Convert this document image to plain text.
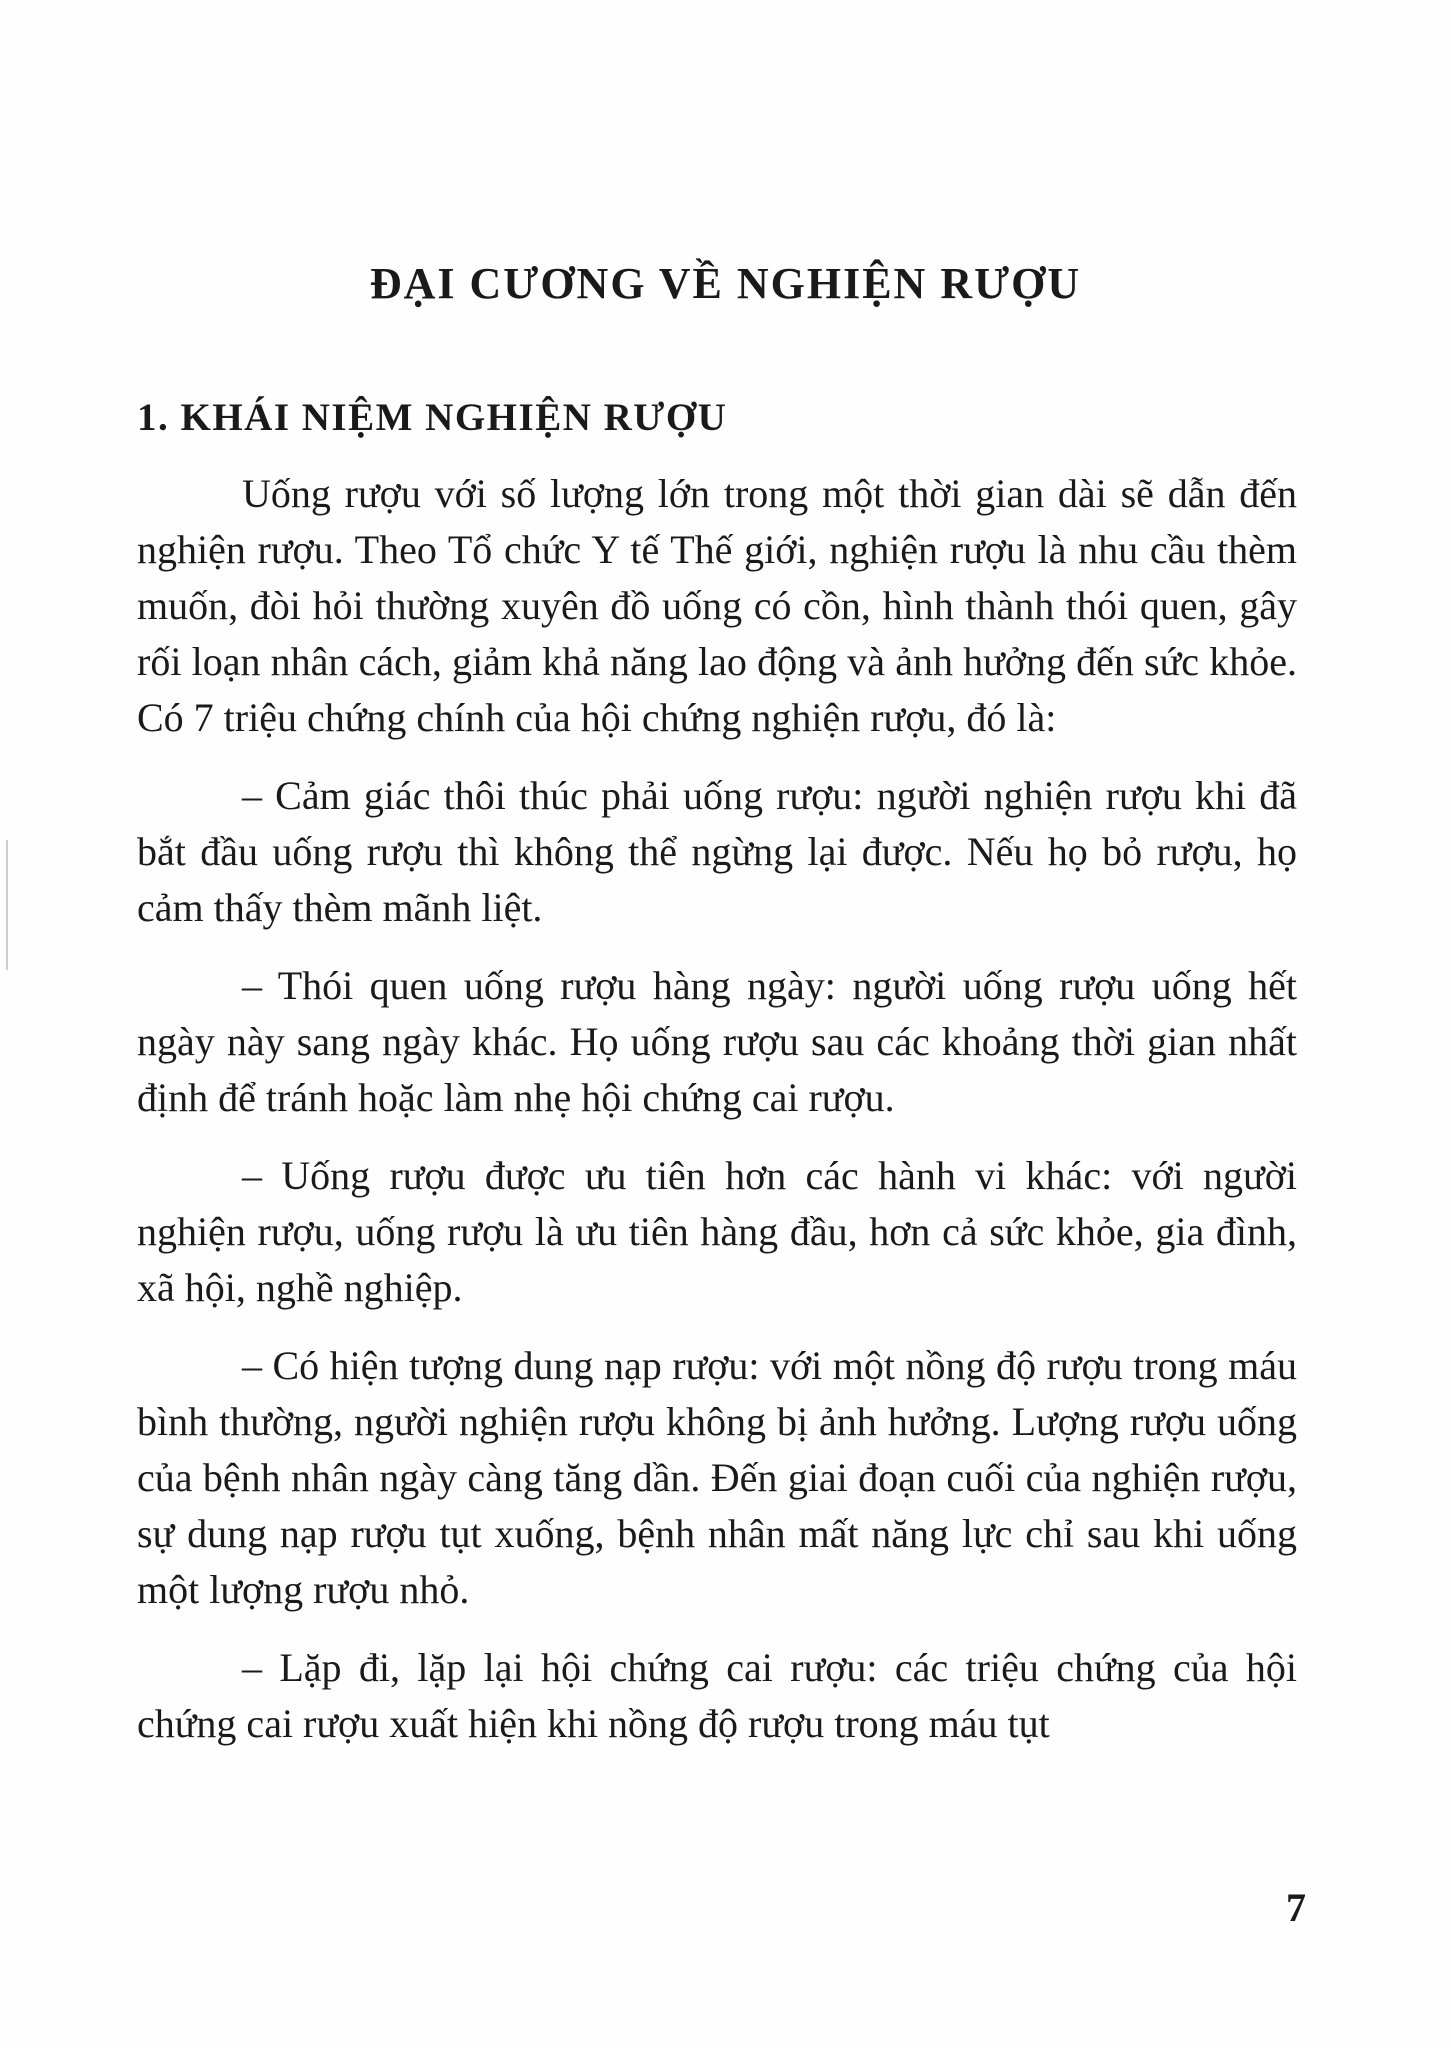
ĐẠI CƯƠNG VỀ NGHIỆN RƯỢU
1. KHÁI NIỆM NGHIỆN RƯỢU

Uống rượu với số lượng lớn trong một thời gian dài sẽ dẫn đến nghiện rượu. Theo Tổ chức Y tế Thế giới, nghiện rượu là nhu cầu thèm muốn, đòi hỏi thường xuyên đồ uống có cồn, hình thành thói quen, gây rối loạn nhân cách, giảm khả năng lao động và ảnh hưởng đến sức khỏe. Có 7 triệu chứng chính của hội chứng nghiện rượu, đó là:

– Cảm giác thôi thúc phải uống rượu: người nghiện rượu khi đã bắt đầu uống rượu thì không thể ngừng lại được. Nếu họ bỏ rượu, họ cảm thấy thèm mãnh liệt.

– Thói quen uống rượu hàng ngày: người uống rượu uống hết ngày này sang ngày khác. Họ uống rượu sau các khoảng thời gian nhất định để tránh hoặc làm nhẹ hội chứng cai rượu.

– Uống rượu được ưu tiên hơn các hành vi khác: với người nghiện rượu, uống rượu là ưu tiên hàng đầu, hơn cả sức khỏe, gia đình, xã hội, nghề nghiệp.

– Có hiện tượng dung nạp rượu: với một nồng độ rượu trong máu bình thường, người nghiện rượu không bị ảnh hưởng. Lượng rượu uống của bệnh nhân ngày càng tăng dần. Đến giai đoạn cuối của nghiện rượu, sự dung nạp rượu tụt xuống, bệnh nhân mất năng lực chỉ sau khi uống một lượng rượu nhỏ.

– Lặp đi, lặp lại hội chứng cai rượu: các triệu chứng của hội chứng cai rượu xuất hiện khi nồng độ rượu trong máu tụt

7
